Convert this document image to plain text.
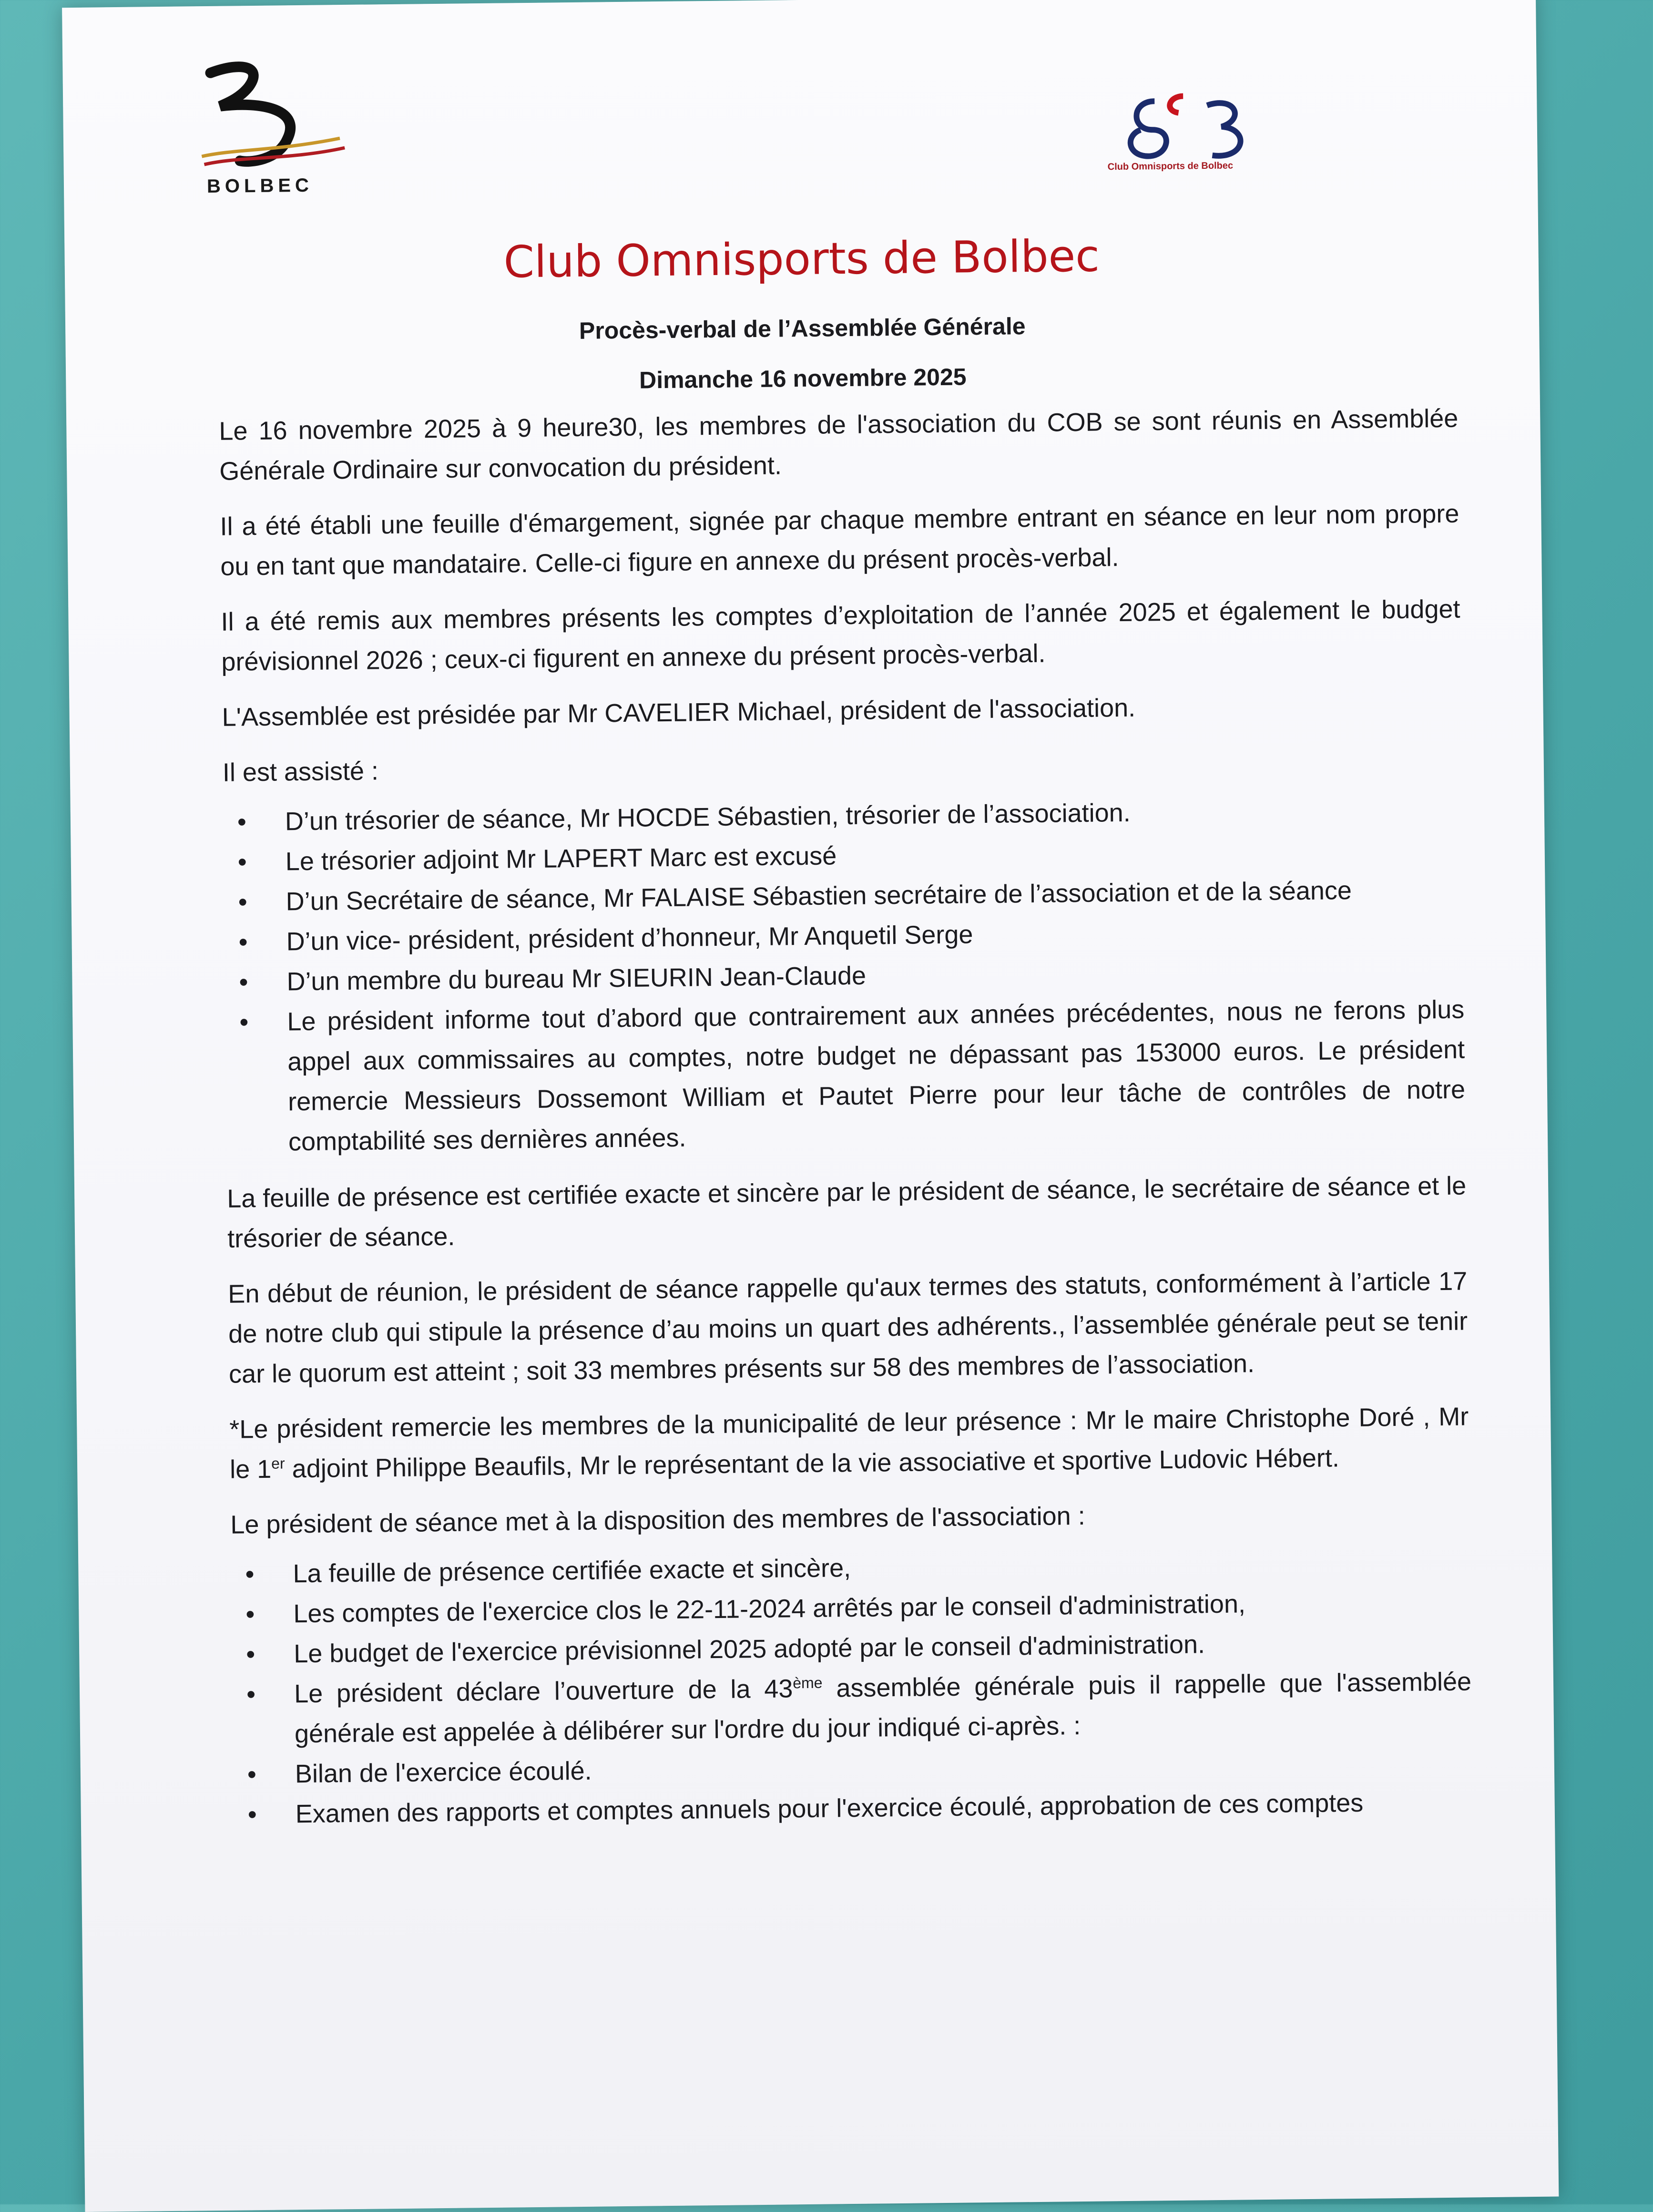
BOLBEC
Club Omnisports de Bolbec
Club Omnisports de Bolbec
Procès-verbal de l’Assemblée Générale
Dimanche 16 novembre 2025

Le 16 novembre 2025 à 9 heure30, les membres de l'association du COB se sont réunis en Assemblée Générale Ordinaire sur convocation du président.

Il a été établi une feuille d'émargement, signée par chaque membre entrant en séance en leur nom propre ou en tant que mandataire. Celle-ci figure en annexe du présent procès-verbal.

Il a été remis aux membres présents les comptes d’exploitation de l’année 2025 et également le budget prévisionnel 2026 ; ceux-ci figurent en annexe du présent procès-verbal.

L'Assemblée est présidée par Mr CAVELIER Michael, président de l'association.

Il est assisté :

• D’un trésorier de séance, Mr HOCDE Sébastien, trésorier de l’association.
• Le trésorier adjoint Mr LAPERT Marc est excusé
• D’un Secrétaire de séance, Mr FALAISE Sébastien secrétaire de l’association et de la séance
• D’un vice- président, président d’honneur, Mr Anquetil Serge
• D’un membre du bureau Mr SIEURIN Jean-Claude
• Le président informe tout d’abord que contrairement aux années précédentes, nous ne ferons plus appel aux commissaires au comptes, notre budget ne dépassant pas 153000 euros. Le président remercie Messieurs Dossemont William et Pautet Pierre pour leur tâche de contrôles de notre comptabilité ses dernières années.

La feuille de présence est certifiée exacte et sincère par le président de séance, le secrétaire de séance et le trésorier de séance.

En début de réunion, le président de séance rappelle qu'aux termes des statuts, conformément à l’article 17 de notre club qui stipule la présence d’au moins un quart des adhérents., l’assemblée générale peut se tenir car le quorum est atteint ; soit 33 membres présents sur 58 des membres de l’association.

*Le président remercie les membres de la municipalité de leur présence : Mr le maire Christophe Doré , Mr le 1er adjoint Philippe Beaufils, Mr le représentant de la vie associative et sportive Ludovic Hébert.

Le président de séance met à la disposition des membres de l'association :

• La feuille de présence certifiée exacte et sincère,
• Les comptes de l'exercice clos le 22-11-2024 arrêtés par le conseil d'administration,
• Le budget de l'exercice prévisionnel 2025 adopté par le conseil d'administration.
• Le président déclare l’ouverture de la 43ème assemblée générale puis il rappelle que l'assemblée générale est appelée à délibérer sur l'ordre du jour indiqué ci-après. :
• Bilan de l'exercice écoulé.
• Examen des rapports et comptes annuels pour l'exercice écoulé, approbation de ces comptes
